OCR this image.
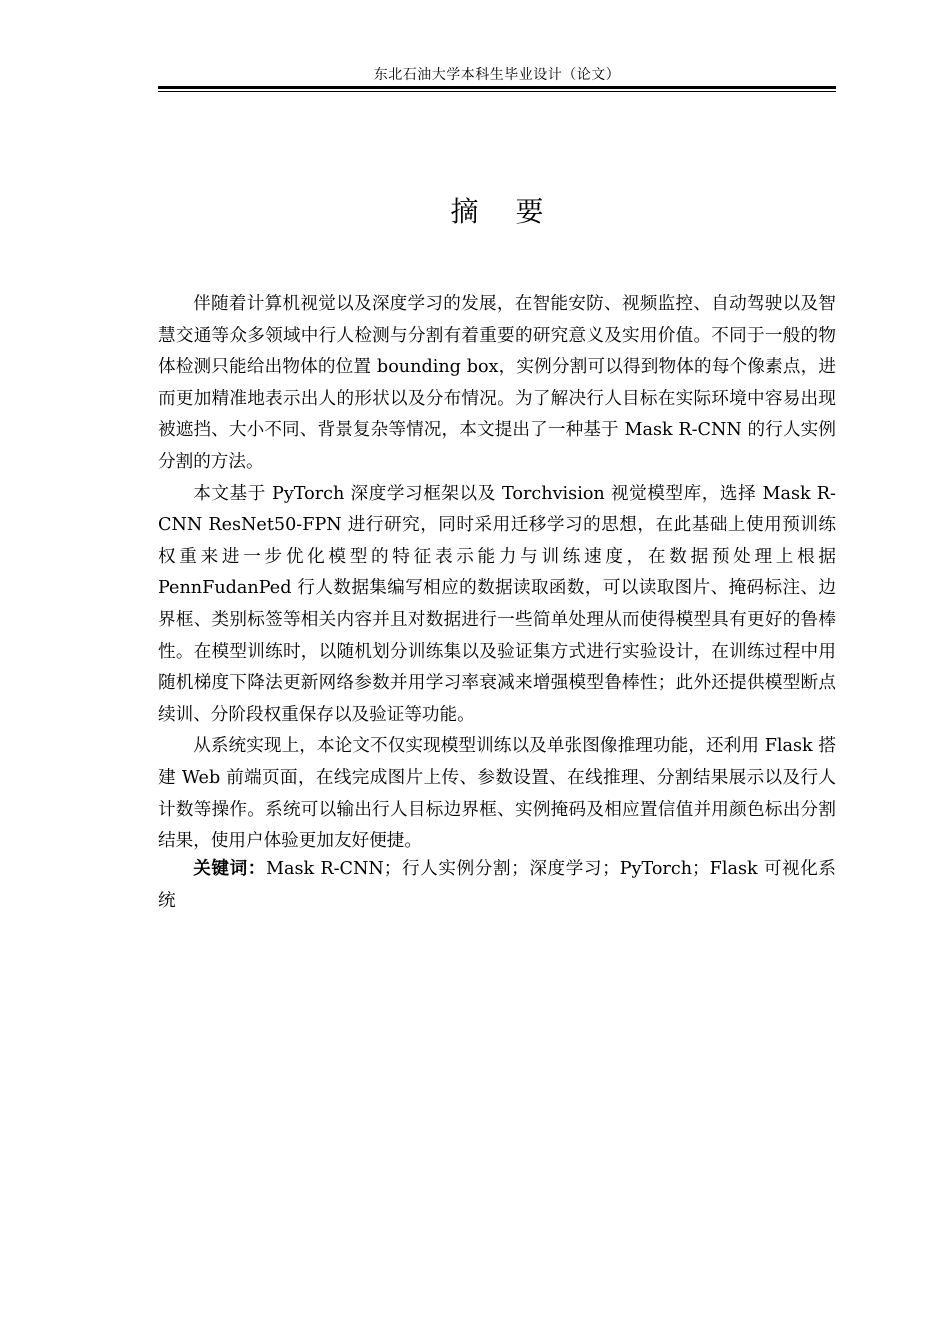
东北石油大学本科生毕业设计（论文）
摘 要

伴随着计算机视觉以及深度学习的发展，在智能安防、视频监控、自动驾驶以及智慧交通等众多领域中行人检测与分割有着重要的研究意义及实用价值。不同于一般的物体检测只能给出物体的位置 bounding box，实例分割可以得到物体的每个像素点，进而更加精准地表示出人的形状以及分布情况。为了解决行人目标在实际环境中容易出现被遮挡、大小不同、背景复杂等情况，本文提出了一种基于 Mask R-CNN 的行人实例分割的方法。

本文基于 PyTorch 深度学习框架以及 Torchvision 视觉模型库，选择 Mask R-CNN ResNet50-FPN 进行研究，同时采用迁移学习的思想，在此基础上使用预训练权重来进一步优化模型的特征表示能力与训练速度，在数据预处理上根据 PennFudanPed 行人数据集编写相应的数据读取函数，可以读取图片、掩码标注、边界框、类别标签等相关内容并且对数据进行一些简单处理从而使得模型具有更好的鲁棒性。在模型训练时，以随机划分训练集以及验证集方式进行实验设计，在训练过程中用随机梯度下降法更新网络参数并用学习率衰减来增强模型鲁棒性；此外还提供模型断点续训、分阶段权重保存以及验证等功能。

从系统实现上，本论文不仅实现模型训练以及单张图像推理功能，还利用 Flask 搭建 Web 前端页面，在线完成图片上传、参数设置、在线推理、分割结果展示以及行人计数等操作。系统可以输出行人目标边界框、实例掩码及相应置信值并用颜色标出分割结果，使用户体验更加友好便捷。

关键词：Mask R-CNN；行人实例分割；深度学习；PyTorch；Flask 可视化系统
